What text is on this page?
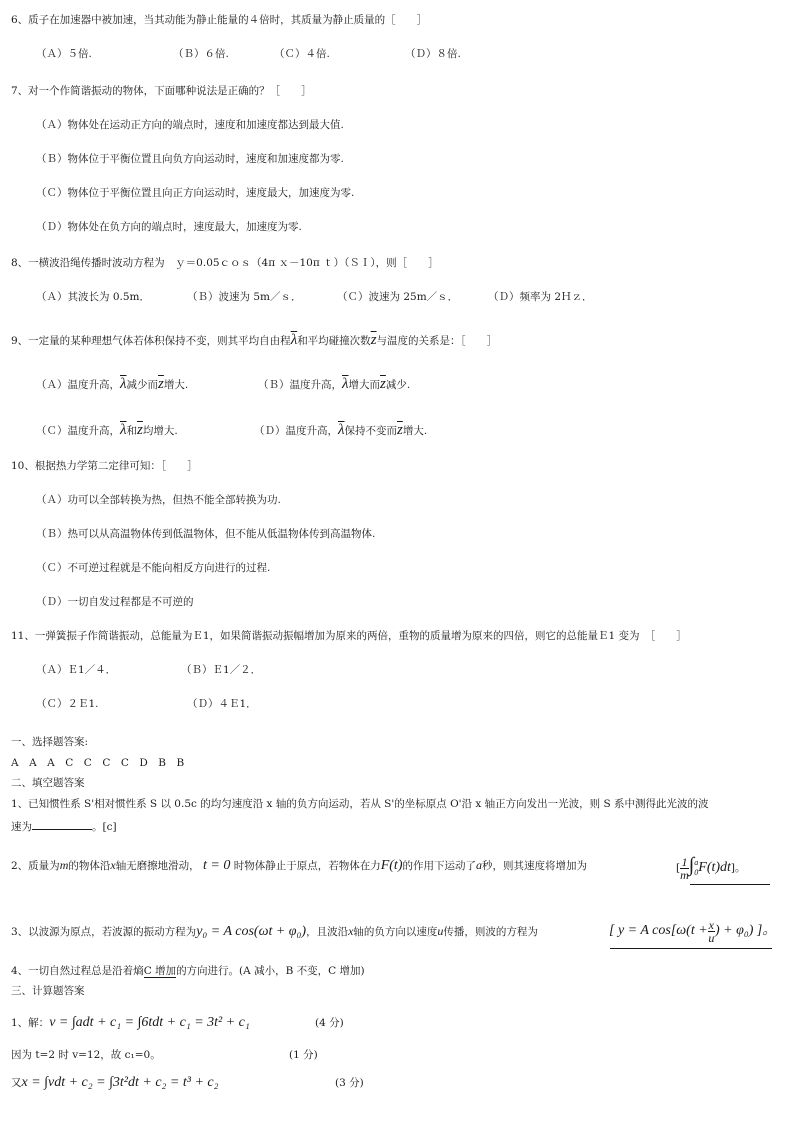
6、质子在加速器中被加速，当其动能为静止能量的４倍时，其质量为静止质量的［　　］
（Ａ）５倍.	（Ｂ）６倍.	（Ｃ）４倍.	（Ｄ）８倍.
7、对一个作简谐振动的物体，下面哪种说法是正确的？［　　］
（Ａ）物体处在运动正方向的端点时，速度和加速度都达到最大值.
（Ｂ）物体位于平衡位置且向负方向运动时，速度和加速度都为零.
（Ｃ）物体位于平衡位置且向正方向运动时，速度最大，加速度为零.
（Ｄ）物体处在负方向的端点时，速度最大，加速度为零.
8、一横波沿绳传播时波动方程为　ｙ＝0.05ｃｏｓ（4π ｘ－10π ｔ）（ＳＩ），则［　　］
（Ａ）其波长为 0.5m．	（Ｂ）波速为 5m／ｓ．	（Ｃ）波速为 25m／ｓ．	（Ｄ）频率为 2Ｈｚ．
9、一定量的某种理想气体若体积保持不变，则其平均自由程$\overline{\lambda}$和平均碰撞次数$\overline{z}$与温度的关系是：［　　］
（Ａ）温度升高，$\overline{\lambda}$减少而$\overline{z}$增大.	（Ｂ）温度升高，$\overline{\lambda}$增大而$\overline{z}$减少.
（Ｃ）温度升高，$\overline{\lambda}$和$\overline{z}$均增大.	（Ｄ）温度升高，$\overline{\lambda}$保持不变而$\overline{z}$增大.
10、根据热力学第二定律可知：［　　］
（Ａ）功可以全部转换为热，但热不能全部转换为功.
（Ｂ）热可以从高温物体传到低温物体，但不能从低温物体传到高温物体.
（Ｃ）不可逆过程就是不能向相反方向进行的过程.
（Ｄ）一切自发过程都是不可逆的
11、一弹簧振子作简谐振动，总能量为Ｅ1，如果简谐振动振幅增加为原来的两倍，重物的质量增为原来的四倍，则它的总能量Ｅ1 变为　［　　］
（Ａ）Ｅ1／４．	（Ｂ）Ｅ1／２．
（Ｃ）２Ｅ1.	（Ｄ）４Ｅ1．
一、选择题答案:
A　A　A　C　C　C　C　D　B　B
二、填空题答案
1、已知惯性系 S'相对惯性系 S 以 0.5c 的均匀速度沿 x 轴的负方向运动，若从 S'的坐标原点 O'沿 x 轴正方向发出一光波，则 S 系中测得此光波的波
速为	。[c]
2、质量为m的物体沿x轴无磨擦地滑动， t = 0 时物体静止于原点，若物体在力F(t)的作用下运动了a秒，则其速度将增加为	[ $\frac{1}{m}$ ∫ a
0 F(t)dt]。
3、以波源为原点，若波源的振动方程为y₀ = A cos(ωt + φ₀)，且波沿x轴的负方向以速度u传播，则波的方程为	[ y = A $\cos[\omega(t + \frac{x}{u}$ ) + φ₀) ]。
4、一切自然过程总是沿着熵C 增加的方向进行。(A 减小，B 不变，C 增加)
三、计算题答案
1、解：v = ∫adt + c₁ = ∫6tdt + c₁ = 3t² + c₁	(4 分)
因为 t=2 时 v=12，故 c₁=0。	(1 分)
又x = ∫vdt + c₂ = ∫3t²dt + c₂ = t³ + c₂	(3 分)
